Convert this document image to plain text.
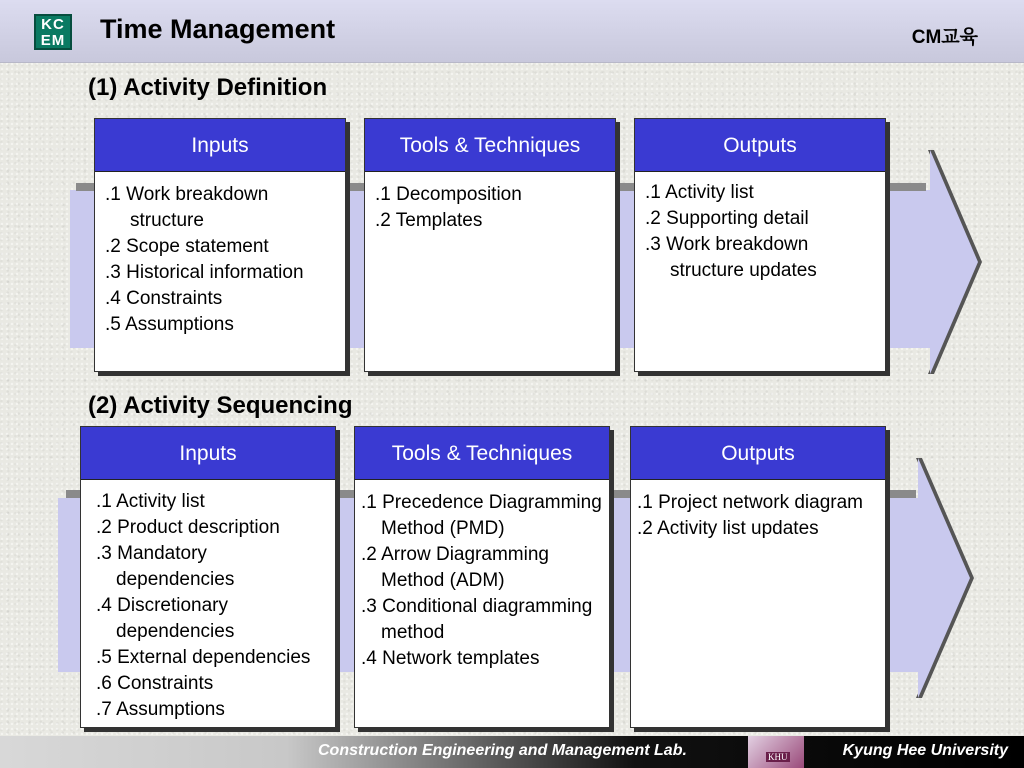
KC
EM Time Management	CM교육
(1) Activity Definition
Inputs
.1 Work breakdown structure
.2 Scope statement
.3 Historical information
.4 Constraints
.5 Assumptions
Tools & Techniques
.1 Decomposition
.2 Templates
Outputs
.1 Activity list
.2 Supporting detail
.3 Work breakdown structure updates
(2) Activity Sequencing
Inputs
.1 Activity list
.2 Product description
.3 Mandatory dependencies
.4 Discretionary dependencies
.5 External dependencies
.6 Constraints
.7 Assumptions
Tools & Techniques
.1 Precedence Diagramming Method (PMD)
.2 Arrow Diagramming Method (ADM)
.3 Conditional diagramming method
.4 Network templates
Outputs
.1 Project network diagram
.2 Activity list updates
Construction Engineering and Management Lab.	KHU	Kyung Hee University
